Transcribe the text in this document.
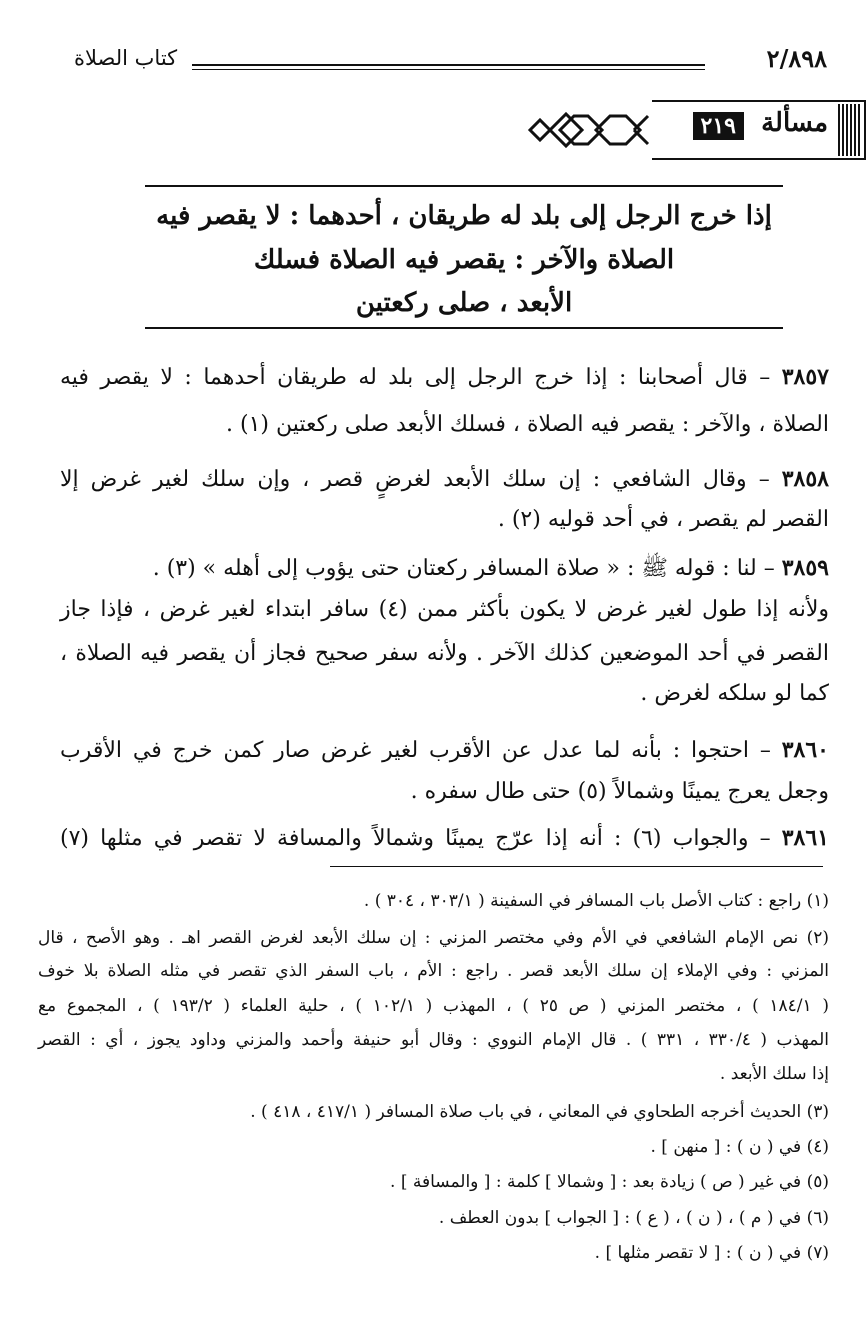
٢/٨٩٨
كتاب الصلاة
مسألة
٢١٩
إذا خرج الرجل إلى بلد له طريقان ، أحدهما : لا يقصر فيه
الصلاة والآخر : يقصر فيه الصلاة فسلك
الأبعد ، صلى ركعتين
٣٨٥٧ – قال أصحابنا : إذا خرج الرجل إلى بلد له طريقان أحدهما : لا يقصر فيه
الصلاة ، والآخر : يقصر فيه الصلاة ، فسلك الأبعد صلى ركعتين (١) .
٣٨٥٨ – وقال الشافعي : إن سلك الأبعد لغرضٍ قصر ، وإن سلك لغير غرض إلا
القصر لم يقصر ، في أحد قوليه (٢) .
٣٨٥٩ – لنا : قوله ﷺ : « صلاة المسافر ركعتان حتى يؤوب إلى أهله » (٣) .
ولأنه إذا طول لغير غرض لا يكون بأكثر ممن (٤) سافر ابتداء لغير غرض ، فإذا جاز
القصر في أحد الموضعين كذلك الآخر . ولأنه سفر صحيح فجاز أن يقصر فيه الصلاة ،
كما لو سلكه لغرض .
٣٨٦٠ – احتجوا : بأنه لما عدل عن الأقرب لغير غرض صار كمن خرج في الأقرب
وجعل يعرج يمينًا وشمالاً (٥) حتى طال سفره .
٣٨٦١ – والجواب (٦) : أنه إذا عرّج يمينًا وشمالاً والمسافة لا تقصر في مثلها (٧)
(١) راجع : كتاب الأصل باب المسافر في السفينة ( ٣٠٣/١ ، ٣٠٤ ) .
(٢) نص الإمام الشافعي في الأم وفي مختصر المزني : إن سلك الأبعد لغرض القصر اهـ . وهو الأصح ، قال
المزني : وفي الإملاء إن سلك الأبعد قصر . راجع : الأم ، باب السفر الذي تقصر في مثله الصلاة بلا خوف
( ١٨٤/١ ) ، مختصر المزني ( ص ٢٥ ) ، المهذب ( ١٠٢/١ ) ، حلية العلماء ( ١٩٣/٢ ) ، المجموع مع
المهذب ( ٣٣٠/٤ ، ٣٣١ ) . قال الإمام النووي : وقال أبو حنيفة وأحمد والمزني وداود يجوز ، أي : القصر
إذا سلك الأبعد .
(٣) الحديث أخرجه الطحاوي في المعاني ، في باب صلاة المسافر ( ٤١٧/١ ، ٤١٨ ) .
(٤) في ( ن ) : [ منهن ] .
(٥) في غير ( ص ) زيادة بعد : [ وشمالا ] كلمة : [ والمسافة ] .
(٦) في ( م ) ، ( ن ) ، ( ع ) : [ الجواب ] بدون العطف .
(٧) في ( ن ) : [ لا تقصر مثلها ] .
